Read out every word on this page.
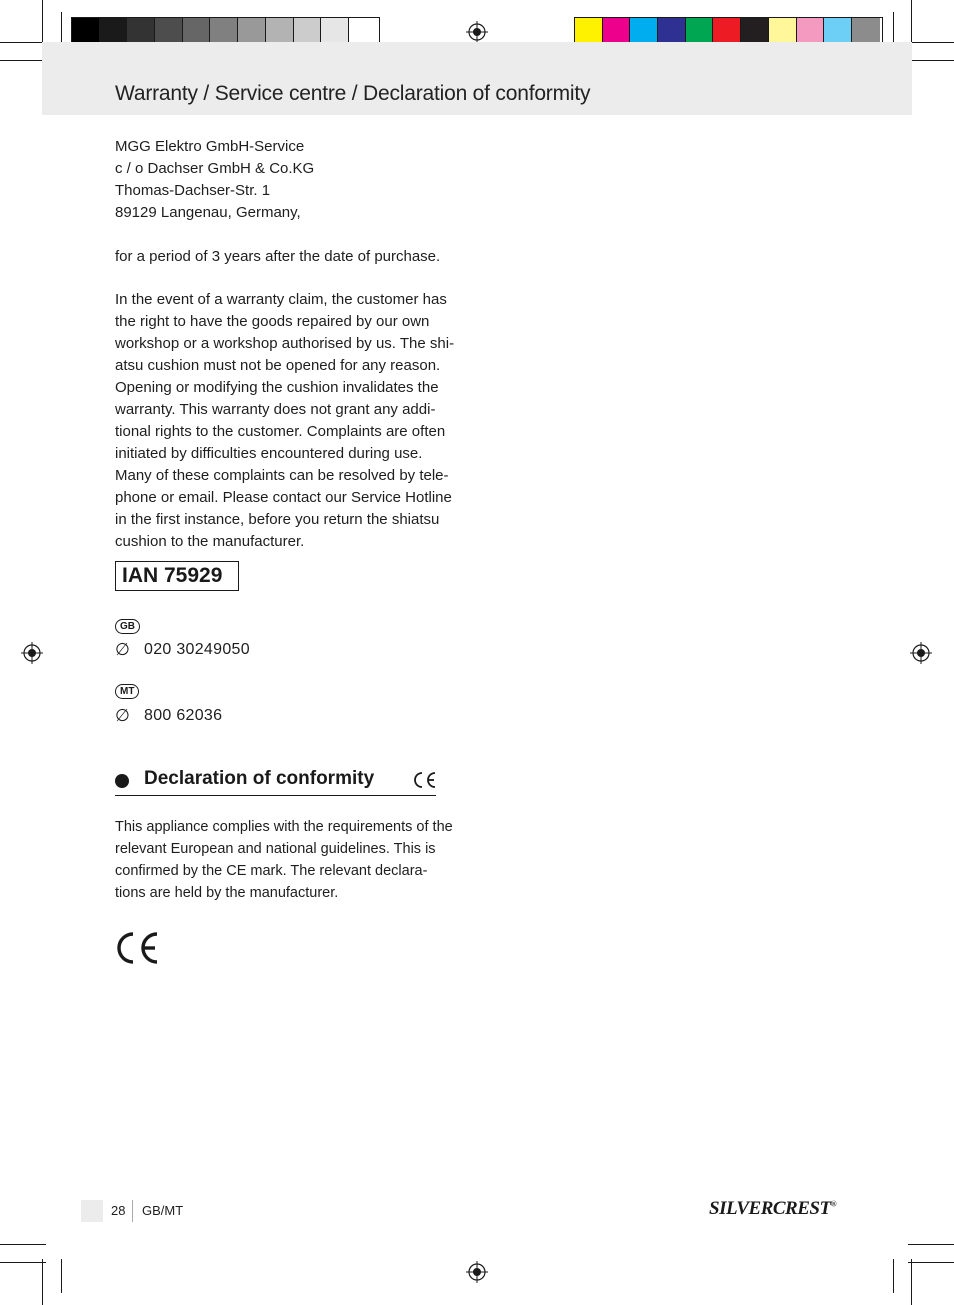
Warranty / Service centre / Declaration of conformity

MGG Elektro GmbH-Service
c / o Dachser GmbH & Co.KG
Thomas-Dachser-Str. 1
89129 Langenau, Germany,

for a period of 3 years after the date of purchase.

In the event of a warranty claim, the customer has
the right to have the goods repaired by our own
workshop or a workshop authorised by us. The shi-
atsu cushion must not be opened for any reason.
Opening or modifying the cushion invalidates the
warranty. This warranty does not grant any addi-
tional rights to the customer. Complaints are often
initiated by difficulties encountered during use.
Many of these complaints can be resolved by tele-
phone or email. Please contact our Service Hotline
in the first instance, before you return the shiatsu
cushion to the manufacturer.

IAN 75929
GB
∅ 020 30249050
MT
∅ 800 62036
Declaration of conformity

This appliance complies with the requirements of the
relevant European and national guidelines. This is
confirmed by the CE mark. The relevant declara-
tions are held by the manufacturer.

28 GB/MT	SILVERCREST®
